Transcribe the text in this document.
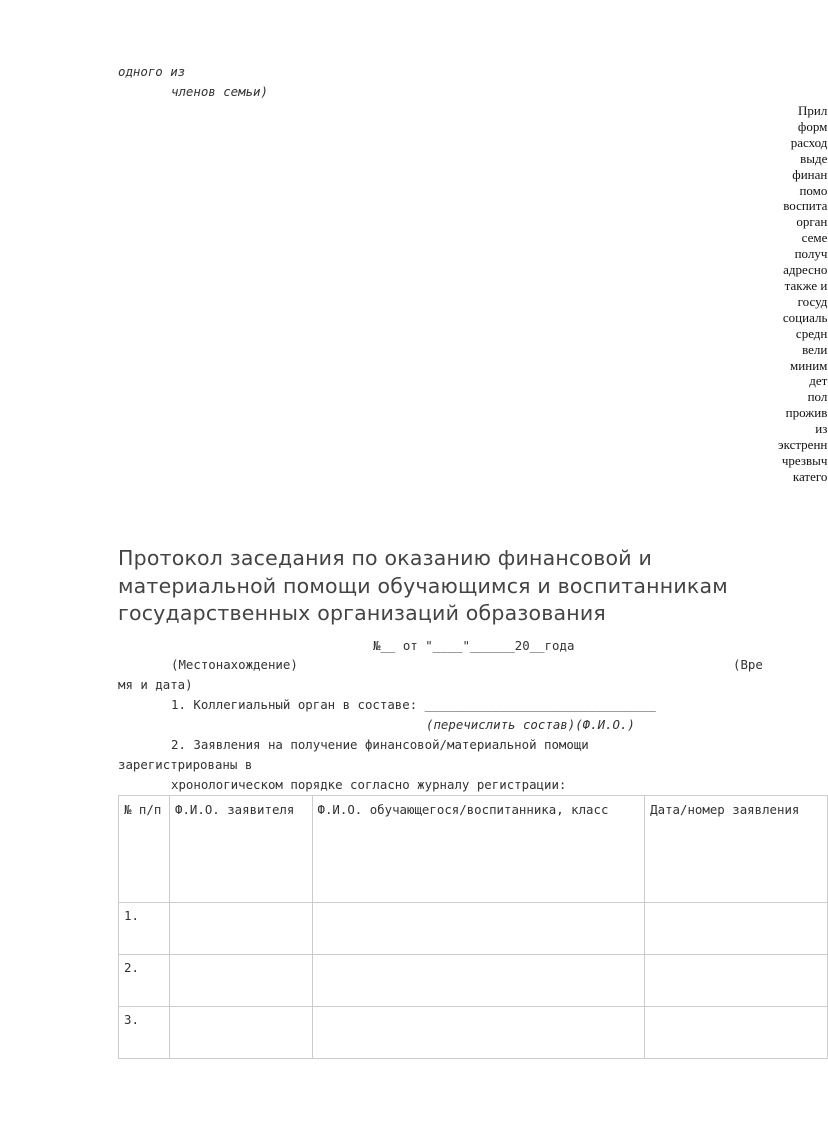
одного из
членов семьи)
Прил
форм
расход
выде
финан
помо
воспита
орган
семе
получ
адресно
также и
госуд
социаль
средн
вели
миним
дет
пол
прожив
из
экстренн
чрезвыч
катего
Протокол заседания по оказанию финансовой и
материальной помощи обучающимся и воспитанникам
государственных организаций образования
№__ от "____"______20__года
(Местонахождение)	(Вре
мя и дата)
1. Коллегиальный орган в составе: _______________________________
(перечислить состав)(Ф.И.О.)
2. Заявления на получение финансовой/материальной помощи
зарегистрированы в
хронологическом порядке согласно журналу регистрации:
№ п/п	Ф.И.О. заявителя	Ф.И.О. обучающегося/воспитанника, класс	Дата/номер заявления
1.			
2.			
3.			
